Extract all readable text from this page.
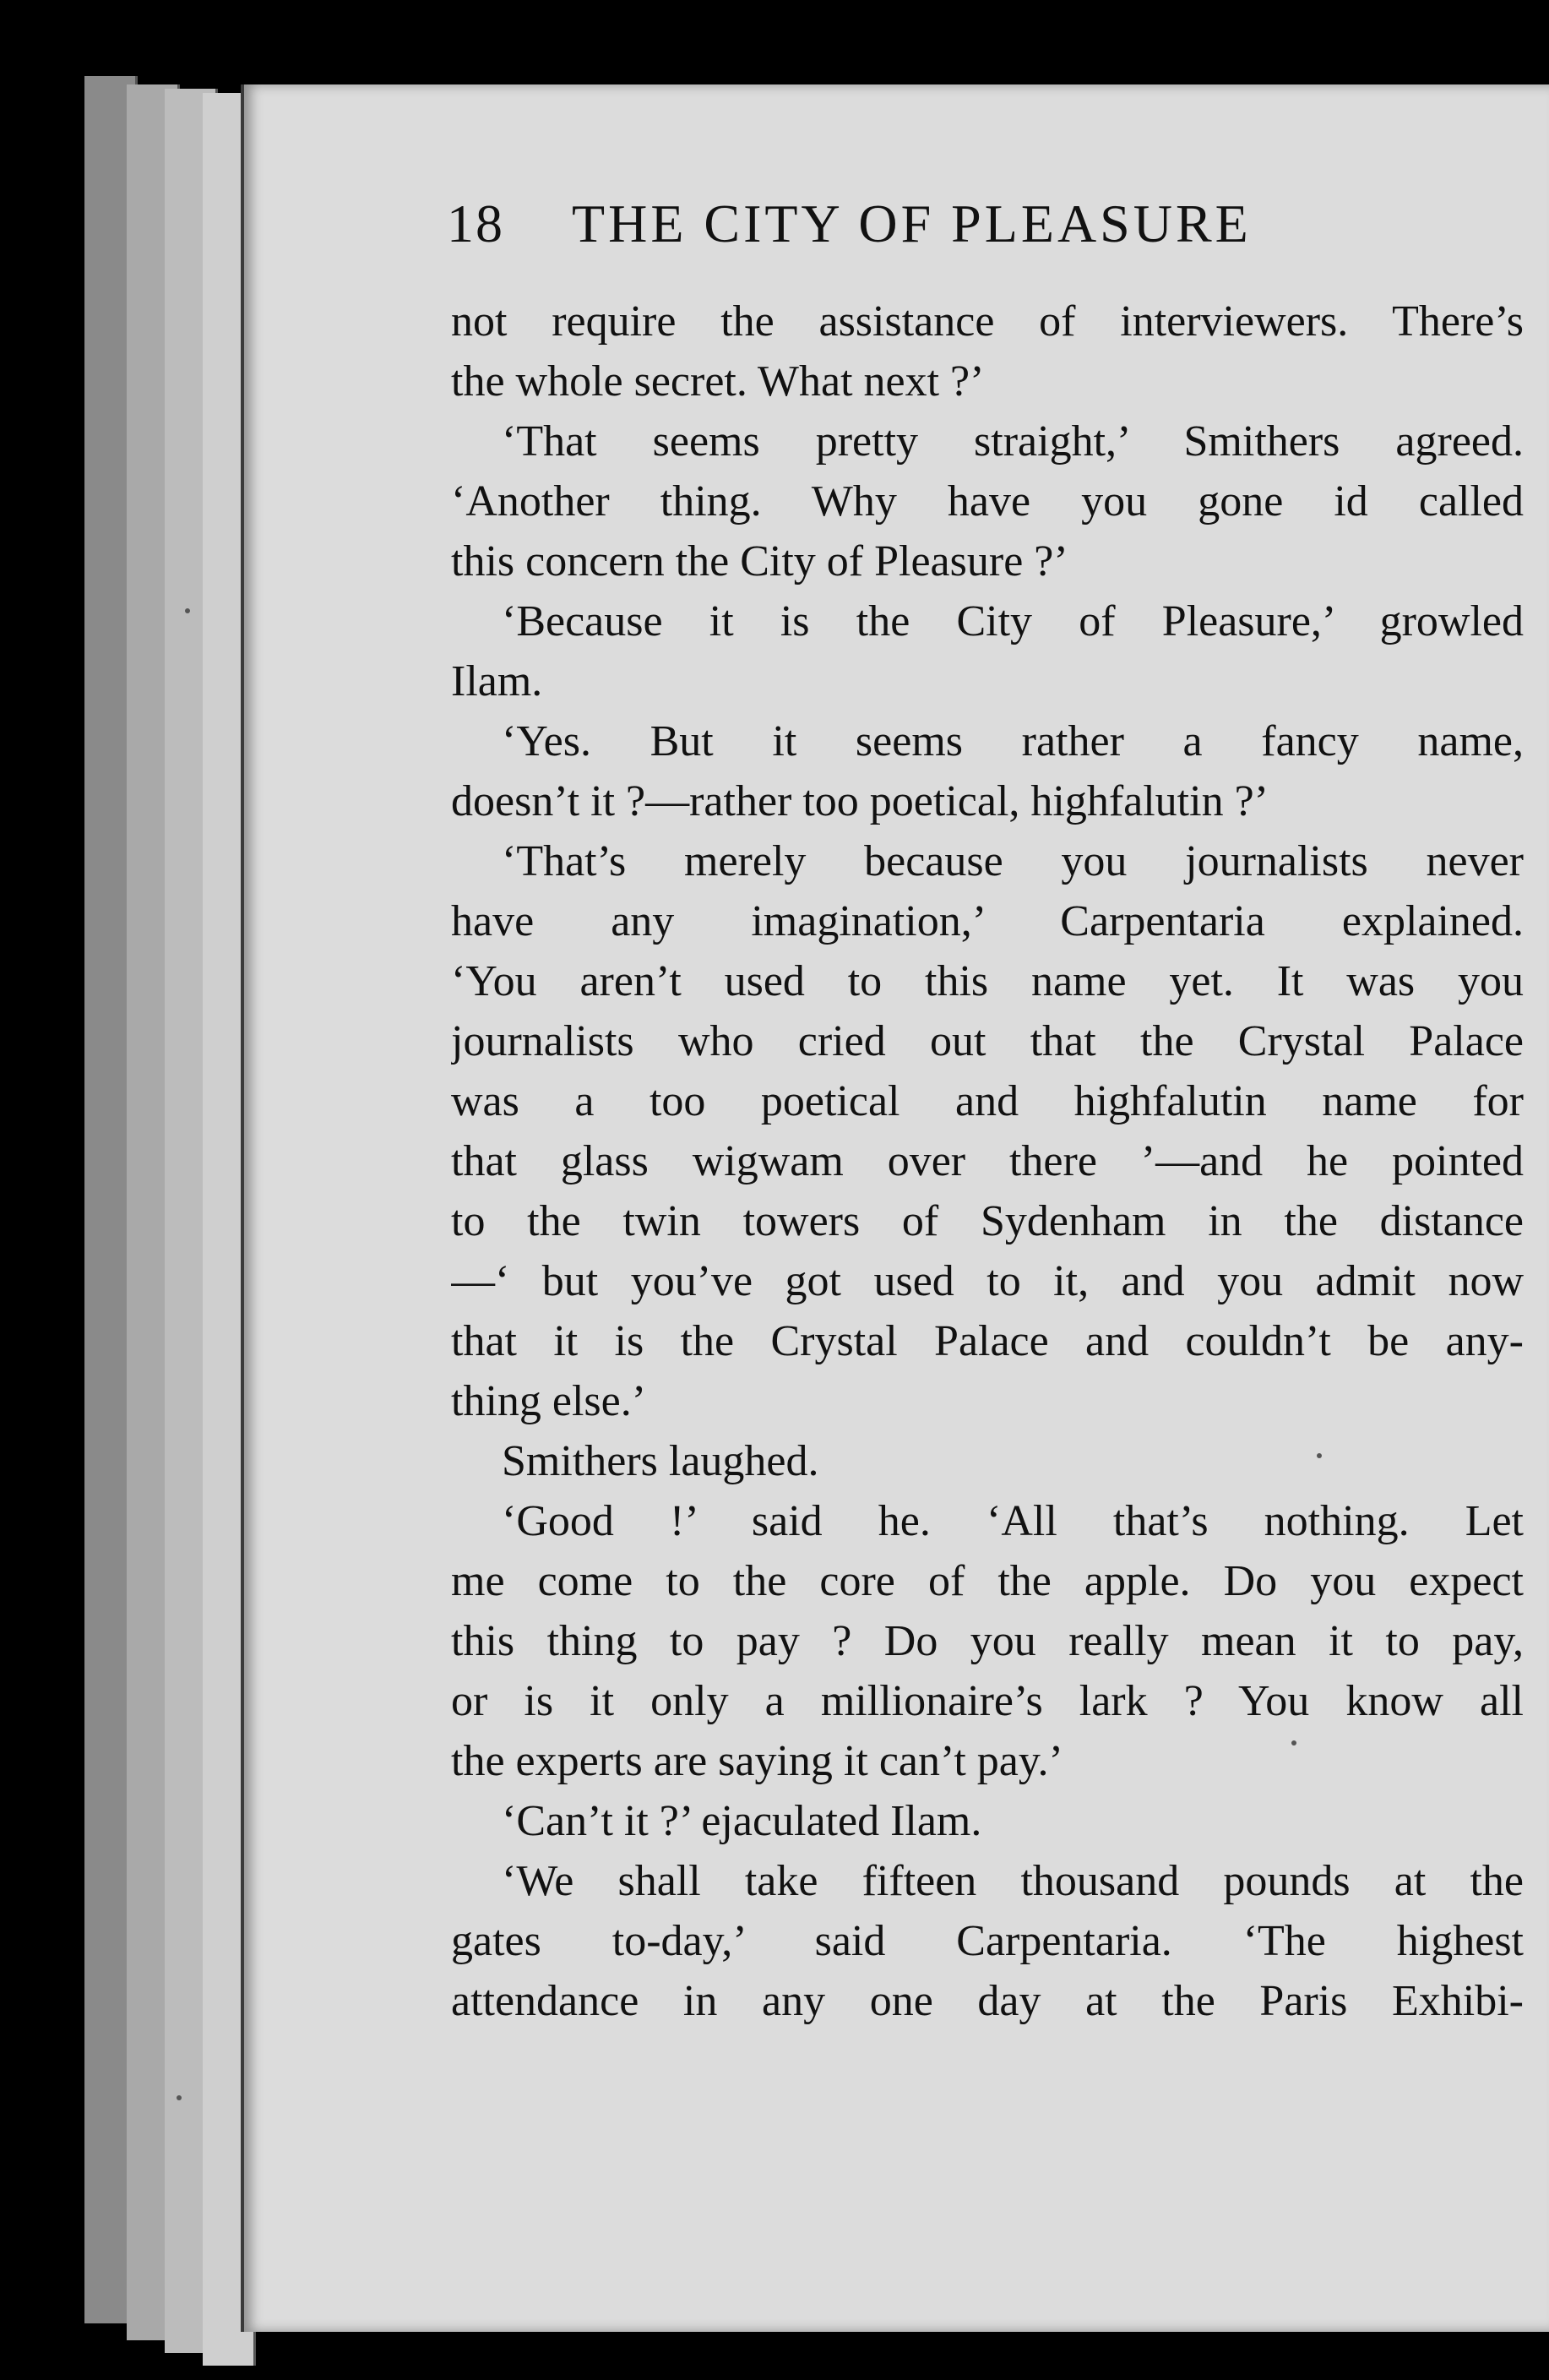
18 THE CITY OF PLEASURE
not require the assistance of interviewers. There’s
the whole secret. What next ?’
‘That seems pretty straight,’ Smithers agreed.
‘Another thing. Why have you gone id called
this concern the City of Pleasure ?’
‘Because it is the City of Pleasure,’ growled
Ilam.
‘Yes. But it seems rather a fancy name,
doesn’t it ?—rather too poetical, highfalutin ?’
‘That’s merely because you journalists never
have any imagination,’ Carpentaria explained.
‘You aren’t used to this name yet. It was you
journalists who cried out that the Crystal Palace
was a too poetical and highfalutin name for
that glass wigwam over there ’—and he pointed
to the twin towers of Sydenham in the distance
—‘ but you’ve got used to it, and you admit now
that it is the Crystal Palace and couldn’t be any-
thing else.’
Smithers laughed.
‘Good !’ said he. ‘All that’s nothing. Let
me come to the core of the apple. Do you expect
this thing to pay ? Do you really mean it to pay,
or is it only a millionaire’s lark ? You know all
the experts are saying it can’t pay.’
‘Can’t it ?’ ejaculated Ilam.
‘We shall take fifteen thousand pounds at the
gates to-day,’ said Carpentaria. ‘The highest
attendance in any one day at the Paris Exhibi-
